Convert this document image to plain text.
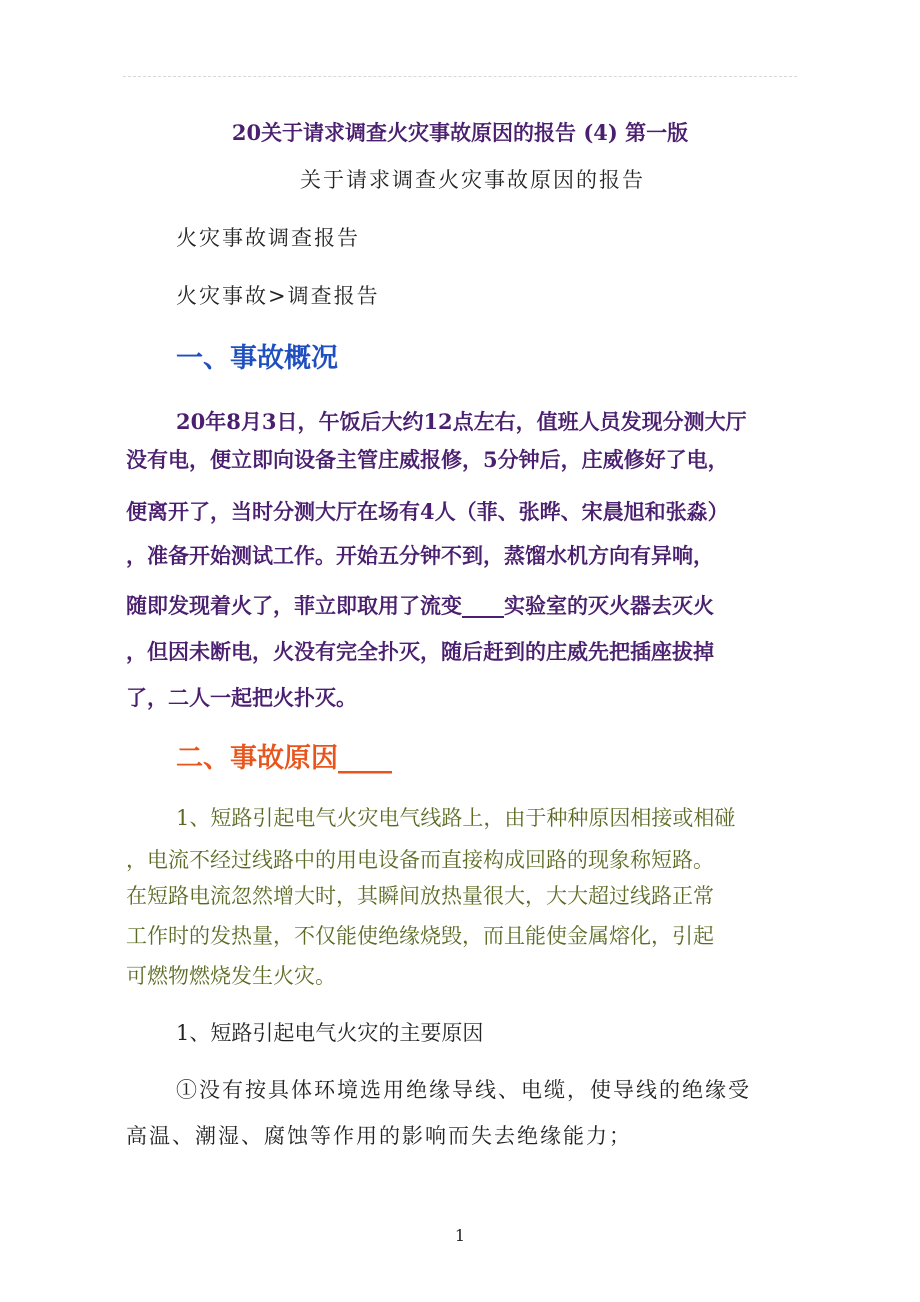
20关于请求调查火灾事故原因的报告 (4) 第一版
关于请求调查火灾事故原因的报告
火灾事故调查报告
火灾事故>调查报告
一、事故概况
20年8月3日，午饭后大约12点左右，值班人员发现分测大厅
没有电，便立即向设备主管庄威报修，5分钟后，庄威修好了电，
便离开了，当时分测大厅在场有4人（菲、张晔、宋晨旭和张淼）
，准备开始测试工作。开始五分钟不到，蒸馏水机方向有异响，
随即发现着火了，菲立即取用了流变____实验室的灭火器去灭火
，但因未断电，火没有完全扑灭，随后赶到的庄威先把插座拔掉
了，二人一起把火扑灭。
二、事故原因____
1、短路引起电气火灾电气线路上，由于种种原因相接或相碰
，电流不经过线路中的用电设备而直接构成回路的现象称短路。
在短路电流忽然增大时，其瞬间放热量很大，大大超过线路正常
工作时的发热量，不仅能使绝缘烧毁，而且能使金属熔化，引起
可燃物燃烧发生火灾。
1、短路引起电气火灾的主要原因
①没有按具体环境选用绝缘导线、电缆，使导线的绝缘受
高温、潮湿、腐蚀等作用的影响而失去绝缘能力；
1
